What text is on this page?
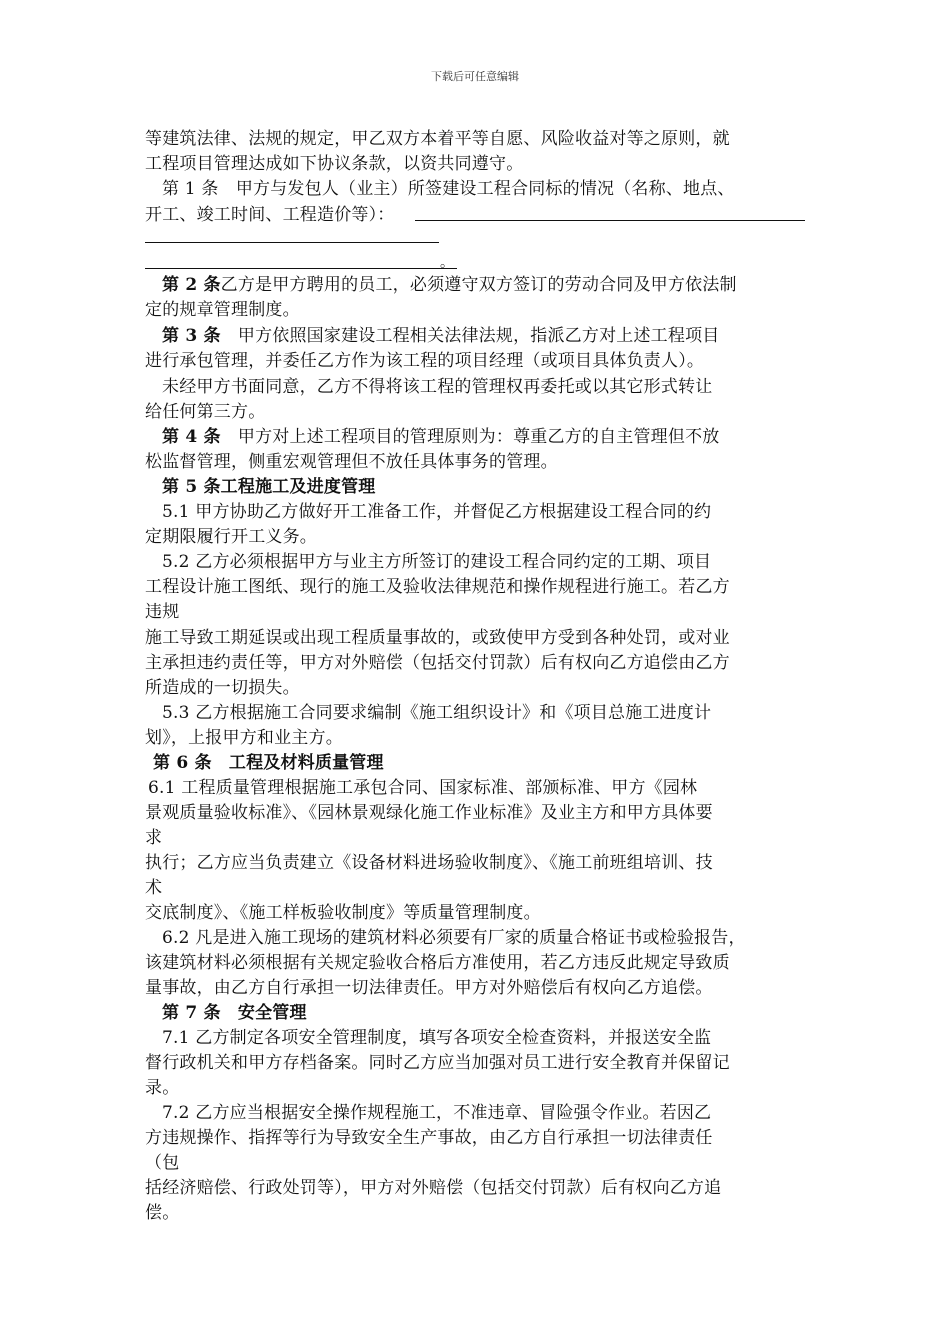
下载后可任意编辑
等建筑法律、法规的规定，甲乙双方本着平等自愿、风险收益对等之原则，就
工程项目管理达成如下协议条款，以资共同遵守。
第 1 条　甲方与发包人（业主）所签建设工程合同标的情况（名称、地点、
开工、竣工时间、工程造价等）：
。
第 2 条乙方是甲方聘用的员工，必须遵守双方签订的劳动合同及甲方依法制
定的规章管理制度。
第 3 条　 甲方依照国家建设工程相关法律法规，指派乙方对上述工程项目
进行承包管理，并委任乙方作为该工程的项目经理（或项目具体负责人）。
未经甲方书面同意，乙方不得将该工程的管理权再委托或以其它形式转让
给任何第三方。
第 4 条　 甲方对上述工程项目的管理原则为：尊重乙方的自主管理但不放
松监督管理，侧重宏观管理但不放任具体事务的管理。
第 5 条工程施工及进度管理
5.1 甲方协助乙方做好开工准备工作，并督促乙方根据建设工程合同的约
定期限履行开工义务。
5.2 乙方必须根据甲方与业主方所签订的建设工程合同约定的工期、项目
工程设计施工图纸、现行的施工及验收法律规范和操作规程进行施工。若乙方
违规
施工导致工期延误或出现工程质量事故的，或致使甲方受到各种处罚，或对业
主承担违约责任等，甲方对外赔偿（包括交付罚款）后有权向乙方追偿由乙方
所造成的一切损失。
5.3 乙方根据施工合同要求编制《施工组织设计》和《项目总施工进度计
划》，上报甲方和业主方。
第 6 条　工程及材料质量管理
6.1 工程质量管理根据施工承包合同、国家标准、部颁标准、甲方《园林
景观质量验收标准》、《园林景观绿化施工作业标准》及业主方和甲方具体要
求
执行；乙方应当负责建立《设备材料进场验收制度》、《施工前班组培训、技
术
交底制度》、《施工样板验收制度》等质量管理制度。
6.2 凡是进入施工现场的建筑材料必须要有厂家的质量合格证书或检验报告，
该建筑材料必须根据有关规定验收合格后方准使用，若乙方违反此规定导致质
量事故，由乙方自行承担一切法律责任。甲方对外赔偿后有权向乙方追偿。
第 7 条　安全管理
7.1 乙方制定各项安全管理制度，填写各项安全检查资料，并报送安全监
督行政机关和甲方存档备案。同时乙方应当加强对员工进行安全教育并保留记
录。
7.2 乙方应当根据安全操作规程施工，不准违章、冒险强令作业。若因乙
方违规操作、指挥等行为导致安全生产事故，由乙方自行承担一切法律责任
（包
括经济赔偿、行政处罚等），甲方对外赔偿（包括交付罚款）后有权向乙方追
偿。
